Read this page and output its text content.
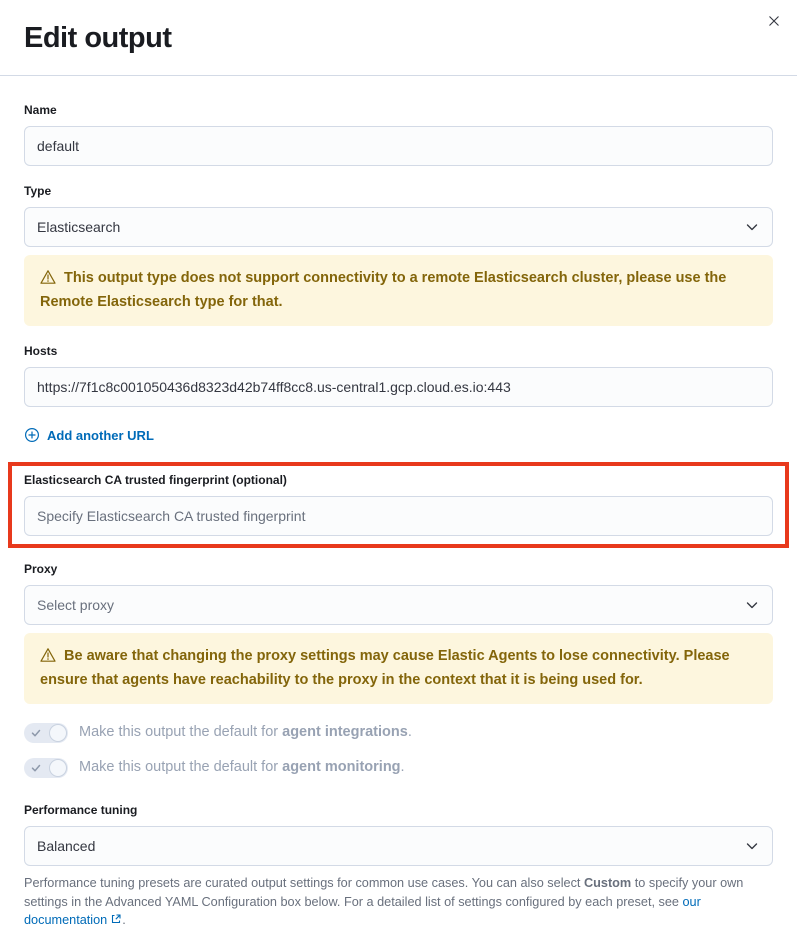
Edit output
Name
default
Type
Elasticsearch
This output type does not support connectivity to a remote Elasticsearch cluster, please use the Remote Elasticsearch type for that.
Hosts
https://7f1c8c001050436d8323d42b74ff8cc8.us-central1.gcp.cloud.es.io:443
Add another URL
Elasticsearch CA trusted fingerprint (optional)
Specify Elasticsearch CA trusted fingerprint
Proxy
Select proxy
Be aware that changing the proxy settings may cause Elastic Agents to lose connectivity. Please ensure that agents have reachability to the proxy in the context that it is being used for.
Make this output the default for agent integrations.
Make this output the default for agent monitoring.
Performance tuning
Balanced

Performance tuning presets are curated output settings for common use cases. You can also select Custom to specify your own settings in the Advanced YAML Configuration box below. For a detailed list of settings configured by each preset, see our documentation .
